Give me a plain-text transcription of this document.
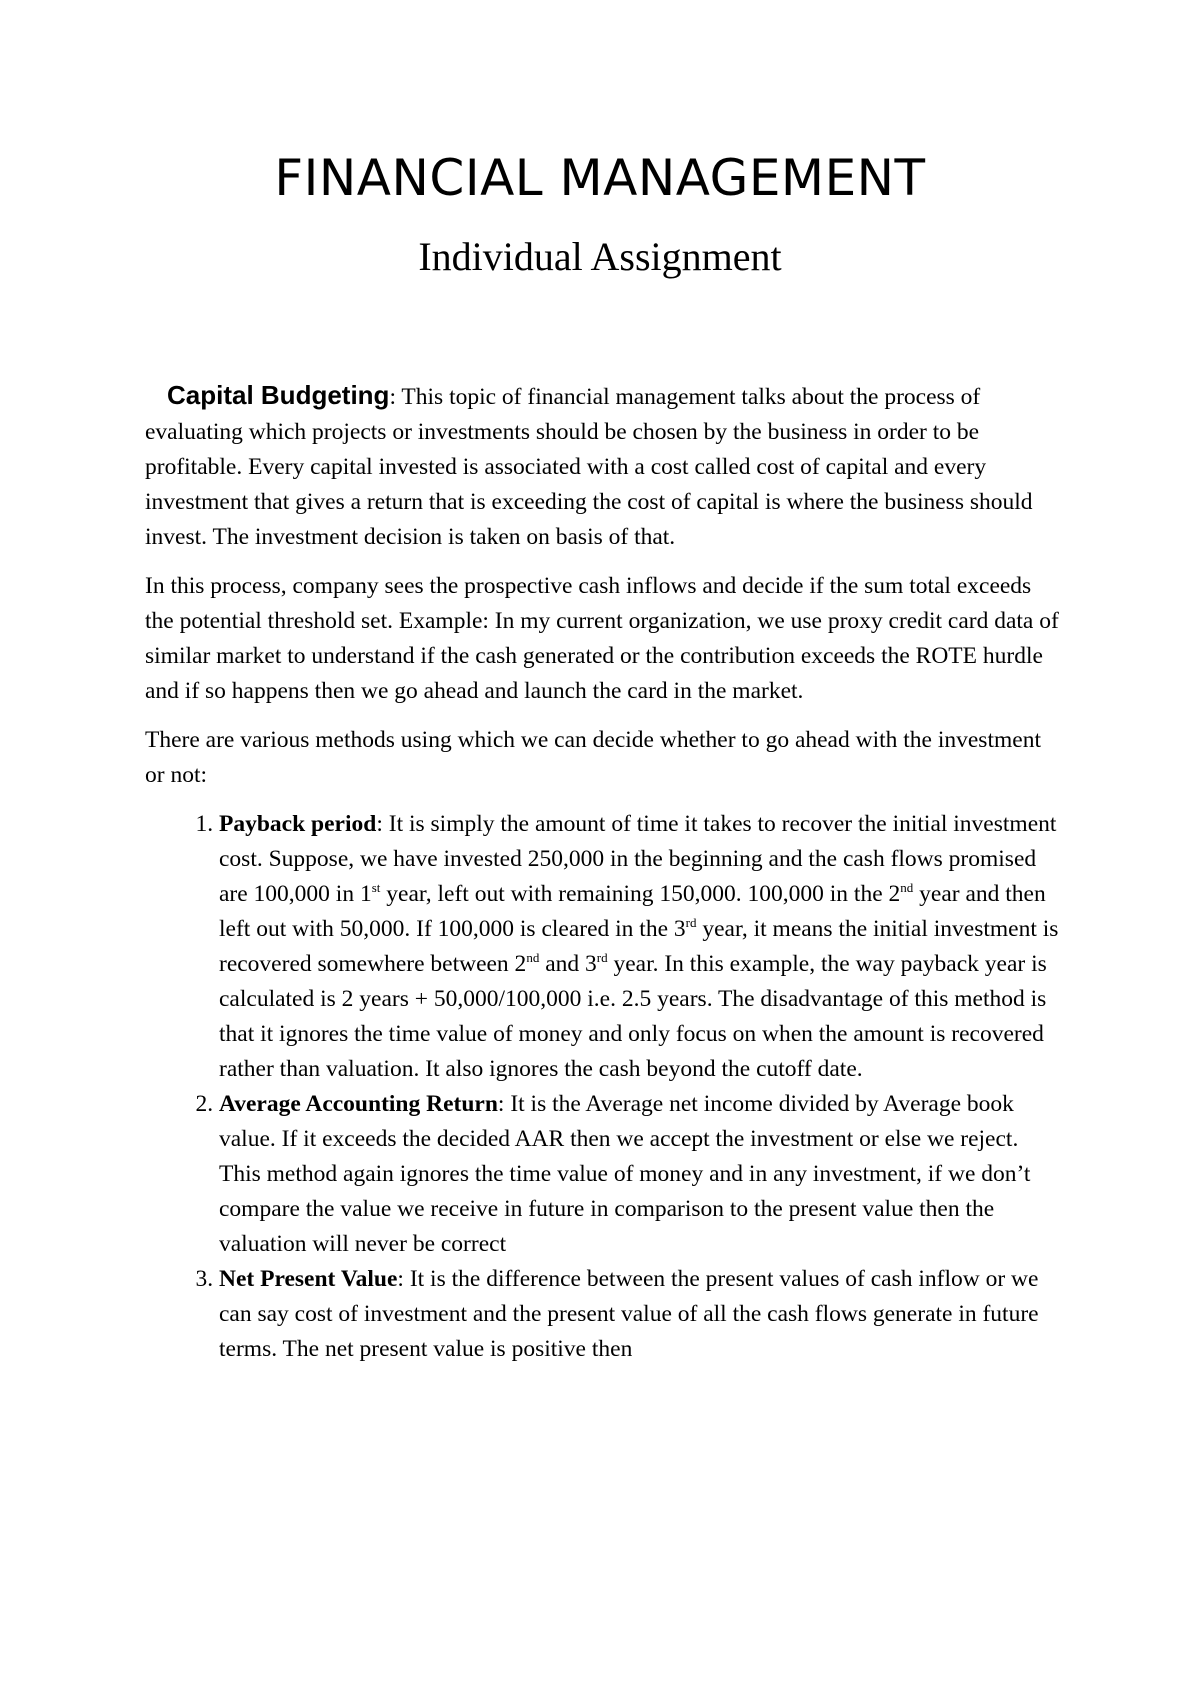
FINANCIAL MANAGEMENT
Individual Assignment

Capital Budgeting: This topic of financial management talks about the process of evaluating which projects or investments should be chosen by the business in order to be profitable. Every capital invested is associated with a cost called cost of capital and every investment that gives a return that is exceeding the cost of capital is where the business should invest. The investment decision is taken on basis of that.

In this process, company sees the prospective cash inflows and decide if the sum total exceeds the potential threshold set. Example: In my current organization, we use proxy credit card data of similar market to understand if the cash generated or the contribution exceeds the ROTE hurdle and if so happens then we go ahead and launch the card in the market.

There are various methods using which we can decide whether to go ahead with the investment or not:

1. Payback period: It is simply the amount of time it takes to recover the initial investment cost. Suppose, we have invested 250,000 in the beginning and the cash flows promised are 100,000 in 1st year, left out with remaining 150,000. 100,000 in the 2nd year and then left out with 50,000. If 100,000 is cleared in the 3rd year, it means the initial investment is recovered somewhere between 2nd and 3rd year. In this example, the way payback year is calculated is 2 years + 50,000/100,000 i.e. 2.5 years. The disadvantage of this method is that it ignores the time value of money and only focus on when the amount is recovered rather than valuation. It also ignores the cash beyond the cutoff date.
2. Average Accounting Return: It is the Average net income divided by Average book value. If it exceeds the decided AAR then we accept the investment or else we reject. This method again ignores the time value of money and in any investment, if we don’t compare the value we receive in future in comparison to the present value then the valuation will never be correct
3. Net Present Value: It is the difference between the present values of cash inflow or we can say cost of investment and the present value of all the cash flows generate in future terms. The net present value is positive then
